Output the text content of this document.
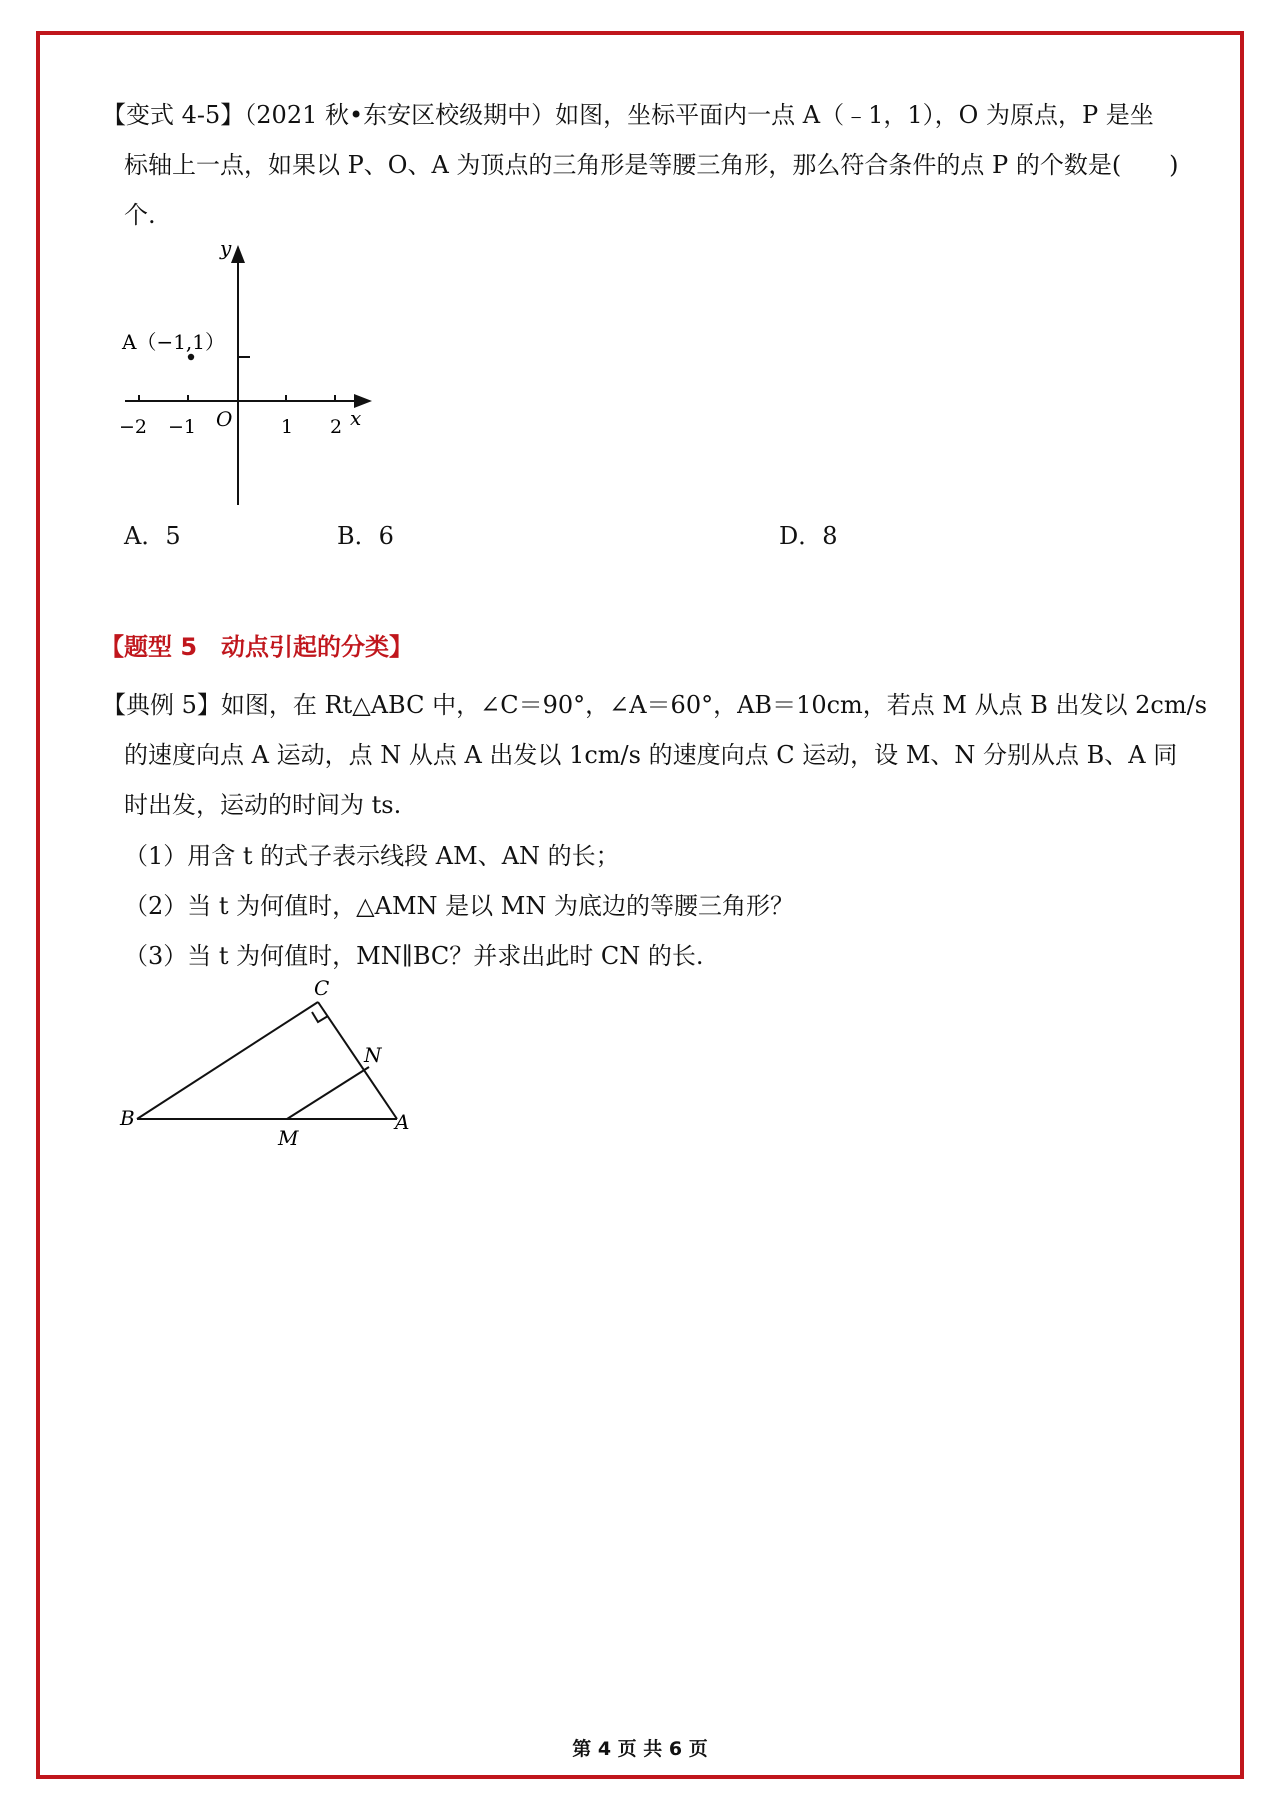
【变式 4-5】（2021 秋•东安区校级期中）如图，坐标平面内一点 A（﹣1，1），O 为原点，P 是坐
标轴上一点，如果以 P、O、A 为顶点的三角形是等腰三角形，那么符合条件的点 P 的个数是(　　)
个.
y
x
O
A（−1,1）
−2 −1	1 2
A．5	B．6	D．8
【题型 5　动点引起的分类】
【典例 5】如图，在 Rt△ABC 中，∠C＝90°，∠A＝60°，AB＝10cm，若点 M 从点 B 出发以 2cm/s
的速度向点 A 运动，点 N 从点 A 出发以 1cm/s 的速度向点 C 运动，设 M、N 分别从点 B、A 同
时出发，运动的时间为 ts.
（1）用含 t 的式子表示线段 AM、AN 的长；
（2）当 t 为何值时，△AMN 是以 MN 为底边的等腰三角形？
（3）当 t 为何值时，MN∥BC？并求出此时 CN 的长.
C
N
B
M
A
第 4 页 共 6 页
